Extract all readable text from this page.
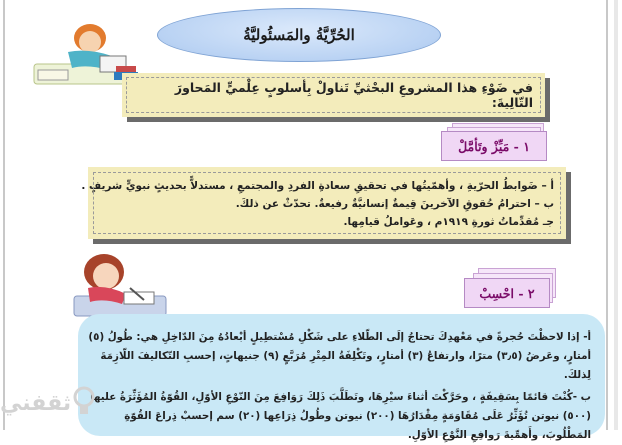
الحُرِّيَّةُ والمَسئُوليَّةُ
في ضَوْءِ هذا المشروعِ البحْثيِّ تَناولْ بِأسلوبٍ عِلْميٍّ المَحاورَ التّالِيةَ:
١ - مَيِّزْ وتَأمَّلْ

أ – ضَوابطُ الحرّيةِ ، وأهمّيتُها في تحقيقِ سعادةِ الفردِ والمجتمعِ ، مستدلاًّ بحديثٍ نبويٍّ شريفٍ .

ب – احترامُ حُقوقِ الآخرينَ قِيمةٌ إنسانيَّةٌ رفيعةٌ. تحدّثْ عن ذلكَ.

جـ مُقدِّماتُ ثورةِ ١٩١٩م ، وعَواملُ قيامِها.

٢ - احْسِبْ

أ- إذا لاحظْتَ حُجرةً في مَعْهدِكَ تحتاجُ إلَى الطّلاءِ على شَكْلِ مُسْتطِيلٍ أبْعادُهُ مِنَ الدّاخِلِ هي: طُولُ (٥) أمتارٍ، وعَرضُ (٣٫٥) مترًا، وارتفاعُ (٣) أمتارٍ، وتَكْلِفَةُ المِتْرِ مُرَبَّعٍ (٩) جنيهاتٍ، إحسبِ التّكاليفَ اللّازِمَةَ لِذلكَ.

ب -كُنْتَ قائمًا بِسَقِيفَةٍ ، وحَرَّكْتَ أثناءَ سيْرِهَا، وتَطَلَّبَ ذَلِكَ رَوَافِعَ مِنَ النّوْعِ الأوّلِ، القُوّةُ المُؤَثِّرَةُ عليها (٥٠٠) نيوتن تُؤَثِّرُ عَلَى مُقَاوَمَةٍ مِقْدَارُهَا (٢٠٠) نيوتن وطُولُ ذِرَاعِها (٢٠) سم إحسبْ ذِراعَ القُوّةِ المَطْلُوبَ، وأَهمِّيةَ رَوافِعِ النَّوْعِ الأوّلِ.

ثقفني
